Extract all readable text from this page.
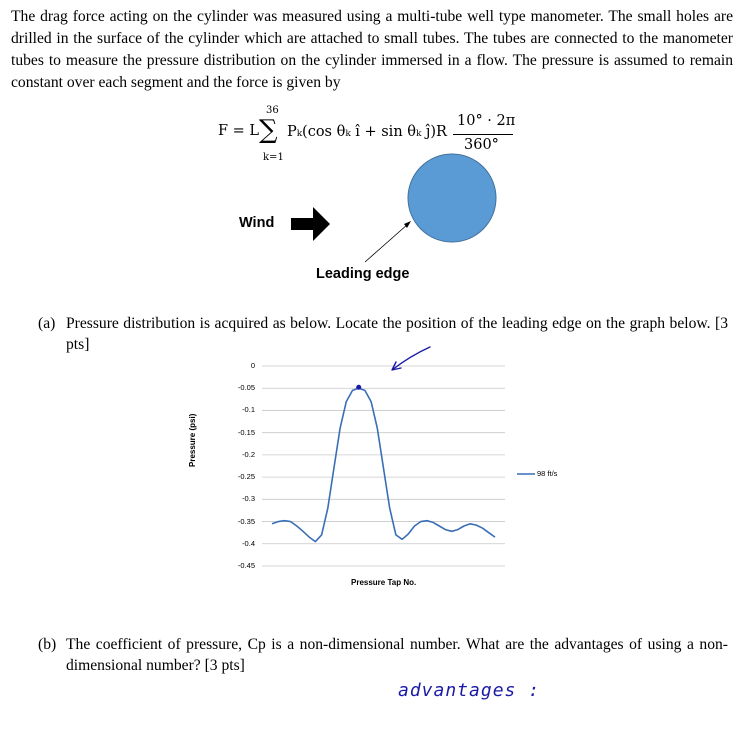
The drag force acting on the cylinder was measured using a multi-tube well type manometer. The small holes are drilled in the surface of the cylinder which are attached to small tubes. The tubes are connected to the manometer tubes to measure the pressure distribution on the cylinder immersed in a flow. The pressure is assumed to remain constant over each segment and the force is given by

F = L
36
∑
k=1
Pₖ(cos θₖ î + sin θₖ ĵ)R
10° · 2π
360°
Wind
Leading edge
(a) Pressure distribution is acquired as below. Locate the position of the leading edge on the graph below. [3 pts]
0
-0.05
-0.1
-0.15
-0.2
-0.25
-0.3
-0.35
-0.4
-0.45
Pressure (psi)
Pressure Tap No.
98 ft/s
(b) The coefficient of pressure, Cp is a non-dimensional number. What are the advantages of using a non-dimensional number? [3 pts]
advantages :
